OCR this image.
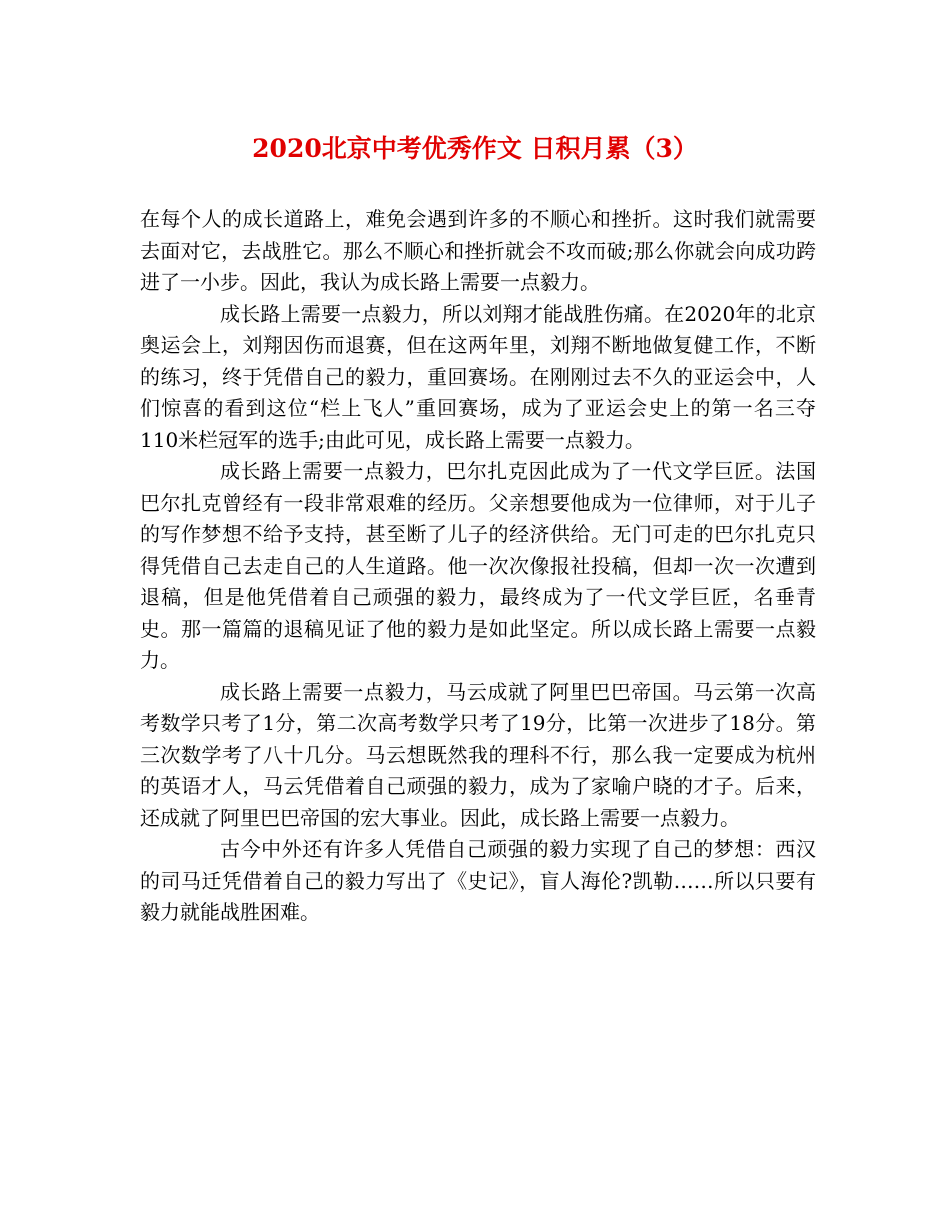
2020北京中考优秀作文 日积月累（3）

在每个人的成长道路上，难免会遇到许多的不顺心和挫折。这时我们就需要去面对它，去战胜它。那么不顺心和挫折就会不攻而破;那么你就会向成功跨进了一小步。因此，我认为成长路上需要一点毅力。

成长路上需要一点毅力，所以刘翔才能战胜伤痛。在2020年的北京奥运会上，刘翔因伤而退赛，但在这两年里，刘翔不断地做复健工作，不断的练习，终于凭借自己的毅力，重回赛场。在刚刚过去不久的亚运会中，人们惊喜的看到这位“栏上飞人”重回赛场，成为了亚运会史上的第一名三夺110米栏冠军的选手;由此可见，成长路上需要一点毅力。

成长路上需要一点毅力，巴尔扎克因此成为了一代文学巨匠。法国巴尔扎克曾经有一段非常艰难的经历。父亲想要他成为一位律师，对于儿子的写作梦想不给予支持，甚至断了儿子的经济供给。无门可走的巴尔扎克只得凭借自己去走自己的人生道路。他一次次像报社投稿，但却一次一次遭到退稿，但是他凭借着自己顽强的毅力，最终成为了一代文学巨匠，名垂青史。那一篇篇的退稿见证了他的毅力是如此坚定。所以成长路上需要一点毅力。

成长路上需要一点毅力，马云成就了阿里巴巴帝国。马云第一次高考数学只考了1分，第二次高考数学只考了19分，比第一次进步了18分。第三次数学考了八十几分。马云想既然我的理科不行，那么我一定要成为杭州的英语才人，马云凭借着自己顽强的毅力，成为了家喻户晓的才子。后来，还成就了阿里巴巴帝国的宏大事业。因此，成长路上需要一点毅力。

古今中外还有许多人凭借自己顽强的毅力实现了自己的梦想：西汉的司马迁凭借着自己的毅力写出了《史记》，盲人海伦?凯勒……所以只要有毅力就能战胜困难。
